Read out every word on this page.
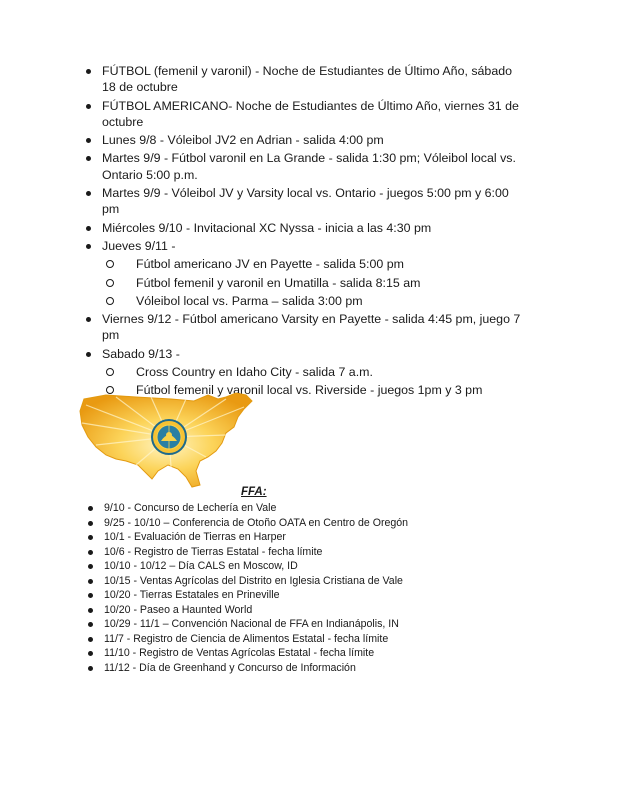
FÚTBOL (femenil y varonil) - Noche de Estudiantes de Último Año, sábado 18 de octubre
FÚTBOL AMERICANO- Noche de Estudiantes de Último Año, viernes 31 de octubre
Lunes 9/8 - Vóleibol JV2 en Adrian - salida 4:00 pm
Martes 9/9 - Fútbol varonil en La Grande - salida 1:30 pm; Vóleibol local vs. Ontario 5:00 p.m.
Martes 9/9 - Vóleibol JV y Varsity local vs. Ontario - juegos 5:00 pm y 6:00 pm
Miércoles 9/10 - Invitacional XC Nyssa - inicia a las 4:30 pm
Jueves 9/11 -
Fútbol americano JV en Payette - salida 5:00 pm
Fútbol femenil y varonil en Umatilla - salida 8:15 am
Vóleibol local vs. Parma – salida 3:00 pm
Viernes 9/12 - Fútbol americano Varsity en Payette - salida 4:45 pm, juego 7 pm
Sabado 9/13 -
Cross Country en Idaho City - salida 7 a.m.
Fútbol femenil y varonil local vs. Riverside - juegos 1pm y 3 pm
FFA:
9/10 - Concurso de Lechería en Vale
9/25 - 10/10 – Conferencia de Otoño OATA en Centro de Oregón
10/1 - Evaluación de Tierras en Harper
10/6 - Registro de Tierras Estatal - fecha límite
10/10 - 10/12 – Día CALS en Moscow, ID
10/15 - Ventas Agrícolas del Distrito en Iglesia Cristiana de Vale
10/20 - Tierras Estatales en Prineville
10/20 - Paseo a Haunted World
10/29 - 11/1 – Convención Nacional de FFA en Indianápolis, IN
11/7 - Registro de Ciencia de Alimentos Estatal - fecha límite
11/10 - Registro de Ventas Agrícolas Estatal - fecha límite
11/12 - Día de Greenhand y Concurso de Información
